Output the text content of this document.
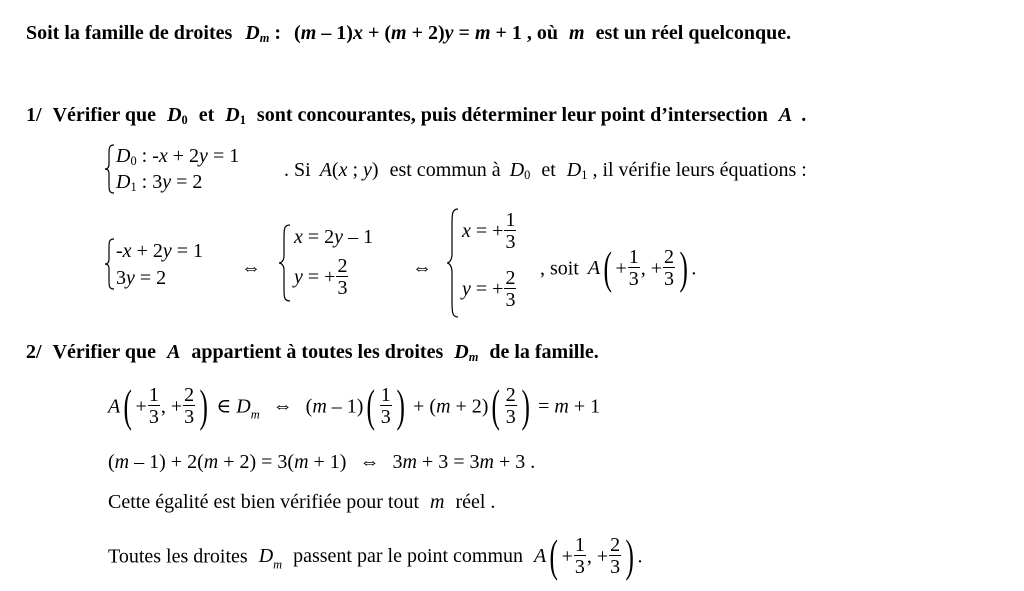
Soit la famille de droites $D_m$ : (m – 1)x + (m + 2)y = m + 1 , où m est un réel quelconque.
1/ Vérifier que $D_0$ et $D_1$ sont concourantes, puis déterminer leur point d’intersection A .
$D_0$ : -x + 2y = 1
$D_1$ : 3y = 2
. Si A(x ; y) est commun à $D_0$ et $D_1$ , il vérifie leurs équations :
-x + 2y = 1
3y = 2	⇔
x = 2y – 1
y = + $\frac{2}{3}$	⇔
x = + $\frac{1}{3}$
y = + $\frac{2}{3}$ , soit $A( + \frac{1}{3}$ , + $\frac{2}{3}$ ) .
2/ Vérifier que A appartient à toutes les droites $D_m$ de la famille.
$A( + \frac{1}{3}$ , + $\frac{2}{3}$ ) ∈ $D_m$ ⇔ $(m - 1)( \frac{1}{3}$ ) + $(m + 2)( \frac{2}{3}$ ) = m + 1
(m – 1) + 2(m + 2) = 3(m + 1) ⇔ 3m + 3 = 3m + 3 .
Cette égalité est bien vérifiée pour tout m réel .
Toutes les droites $D_m$ passent par le point commun $A( + \frac{1}{3}$ , + $\frac{2}{3}$ ) .
